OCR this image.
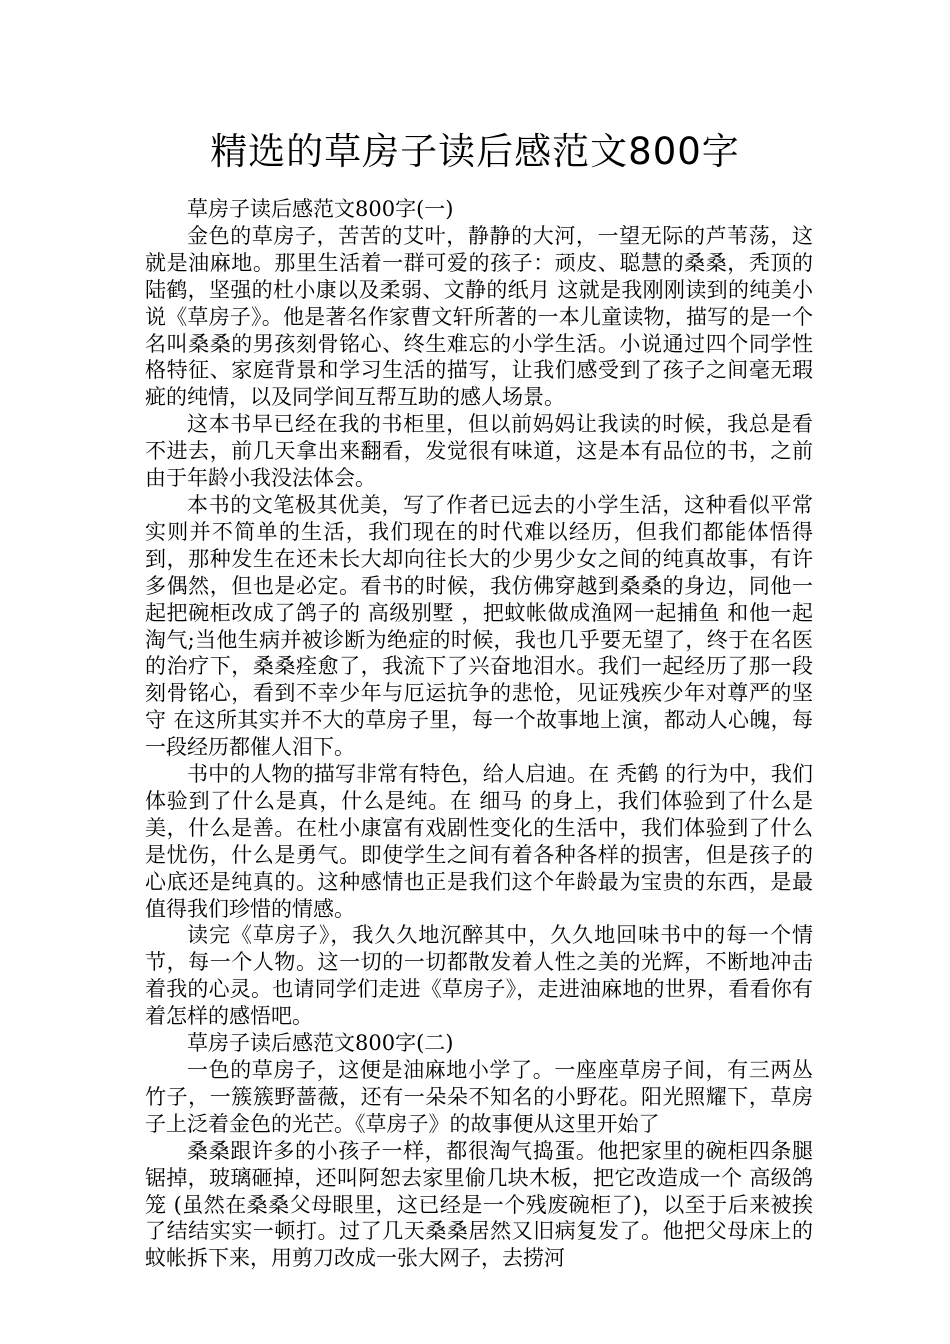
精选的草房子读后感范文800字

草房子读后感范文800字(一)

金色的草房子，苦苦的艾叶，静静的大河，一望无际的芦苇荡，这就是油麻地。那里生活着一群可爱的孩子：顽皮、聪慧的桑桑，秃顶的陆鹤，坚强的杜小康以及柔弱、文静的纸月 这就是我刚刚读到的纯美小说《草房子》。他是著名作家曹文轩所著的一本儿童读物，描写的是一个名叫桑桑的男孩刻骨铭心、终生难忘的小学生活。小说通过四个同学性格特征、家庭背景和学习生活的描写，让我们感受到了孩子之间毫无瑕疵的纯情，以及同学间互帮互助的感人场景。

这本书早已经在我的书柜里，但以前妈妈让我读的时候，我总是看不进去，前几天拿出来翻看，发觉很有味道，这是本有品位的书，之前由于年龄小我没法体会。

本书的文笔极其优美，写了作者已远去的小学生活，这种看似平常实则并不简单的生活，我们现在的时代难以经历，但我们都能体悟得到，那种发生在还未长大却向往长大的少男少女之间的纯真故事，有许多偶然，但也是必定。看书的时候，我仿佛穿越到桑桑的身边，同他一起把碗柜改成了鸽子的 高级别墅 ，把蚊帐做成渔网一起捕鱼 和他一起淘气;当他生病并被诊断为绝症的时候，我也几乎要无望了，终于在名医的治疗下，桑桑痊愈了，我流下了兴奋地泪水。我们一起经历了那一段刻骨铭心，看到不幸少年与厄运抗争的悲怆，见证残疾少年对尊严的坚守 在这所其实并不大的草房子里，每一个故事地上演，都动人心魄，每一段经历都催人泪下。

书中的人物的描写非常有特色，给人启迪。在 秃鹤 的行为中，我们体验到了什么是真，什么是纯。在 细马 的身上，我们体验到了什么是美，什么是善。在杜小康富有戏剧性变化的生活中，我们体验到了什么是忧伤，什么是勇气。即使学生之间有着各种各样的损害，但是孩子的心底还是纯真的。这种感情也正是我们这个年龄最为宝贵的东西，是最值得我们珍惜的情感。

读完《草房子》，我久久地沉醉其中，久久地回味书中的每一个情节，每一个人物。这一切的一切都散发着人性之美的光辉，不断地冲击着我的心灵。也请同学们走进《草房子》，走进油麻地的世界，看看你有着怎样的感悟吧。

草房子读后感范文800字(二)

一色的草房子，这便是油麻地小学了。一座座草房子间，有三两丛竹子，一簇簇野蔷薇，还有一朵朵不知名的小野花。阳光照耀下，草房子上泛着金色的光芒。《草房子》的故事便从这里开始了

桑桑跟许多的小孩子一样，都很淘气捣蛋。他把家里的碗柜四条腿锯掉，玻璃砸掉，还叫阿恕去家里偷几块木板，把它改造成一个 高级鸽笼 (虽然在桑桑父母眼里，这已经是一个残废碗柜了)，以至于后来被挨了结结实实一顿打。过了几天桑桑居然又旧病复发了。他把父母床上的蚊帐拆下来，用剪刀改成一张大网子，去捞河
